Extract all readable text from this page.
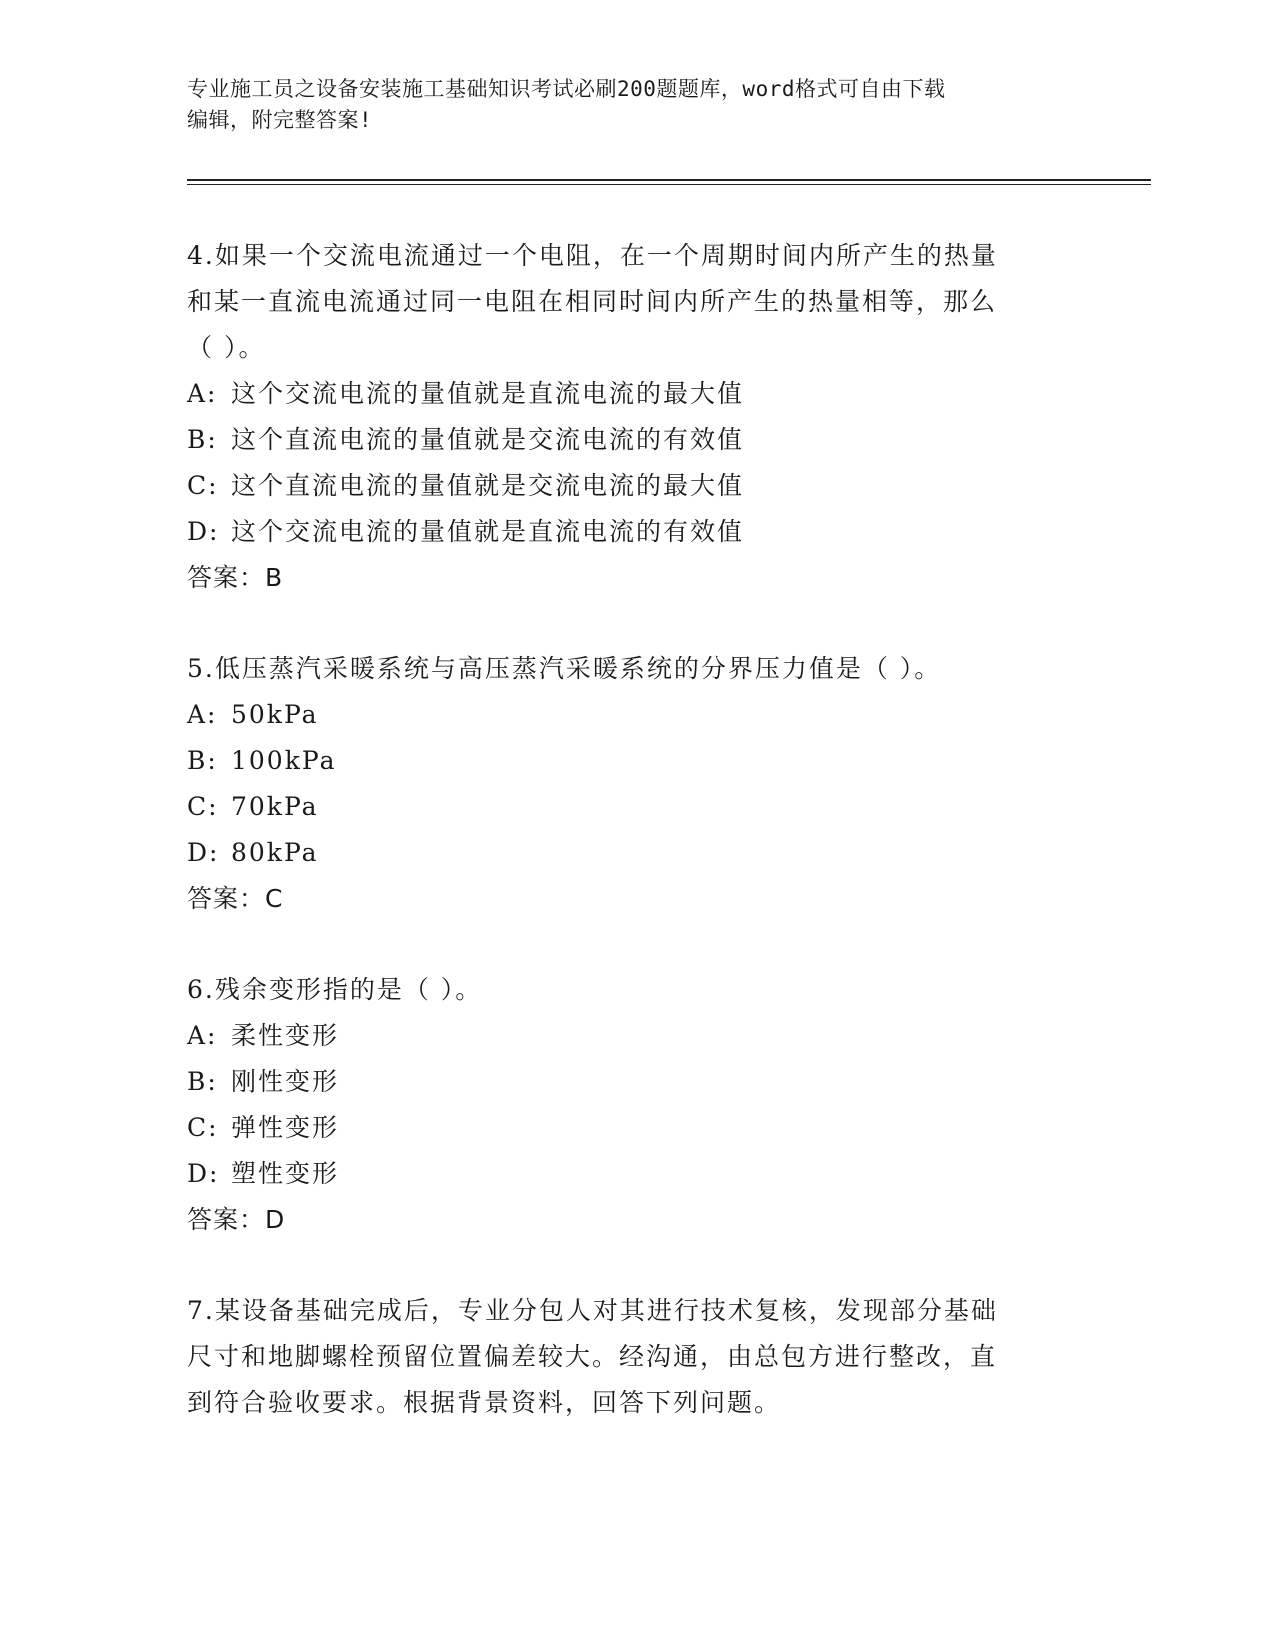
专业施工员之设备安装施工基础知识考试必刷200题题库，word格式可自由下载
编辑，附完整答案!
4.如果一个交流电流通过一个电阻，在一个周期时间内所产生的热量
和某一直流电流通过同一电阻在相同时间内所产生的热量相等，那么
（ ）。
A: 这个交流电流的量值就是直流电流的最大值
B: 这个直流电流的量值就是交流电流的有效值
C: 这个直流电流的量值就是交流电流的最大值
D: 这个交流电流的量值就是直流电流的有效值
答案：B
5.低压蒸汽采暖系统与高压蒸汽采暖系统的分界压力值是（ ）。
A: 50kPa
B: 100kPa
C: 70kPa
D: 80kPa
答案：C
6.残余变形指的是（ ）。
A: 柔性变形
B: 刚性变形
C: 弹性变形
D: 塑性变形
答案：D
7.某设备基础完成后，专业分包人对其进行技术复核，发现部分基础
尺寸和地脚螺栓预留位置偏差较大。经沟通，由总包方进行整改，直
到符合验收要求。根据背景资料，回答下列问题。
